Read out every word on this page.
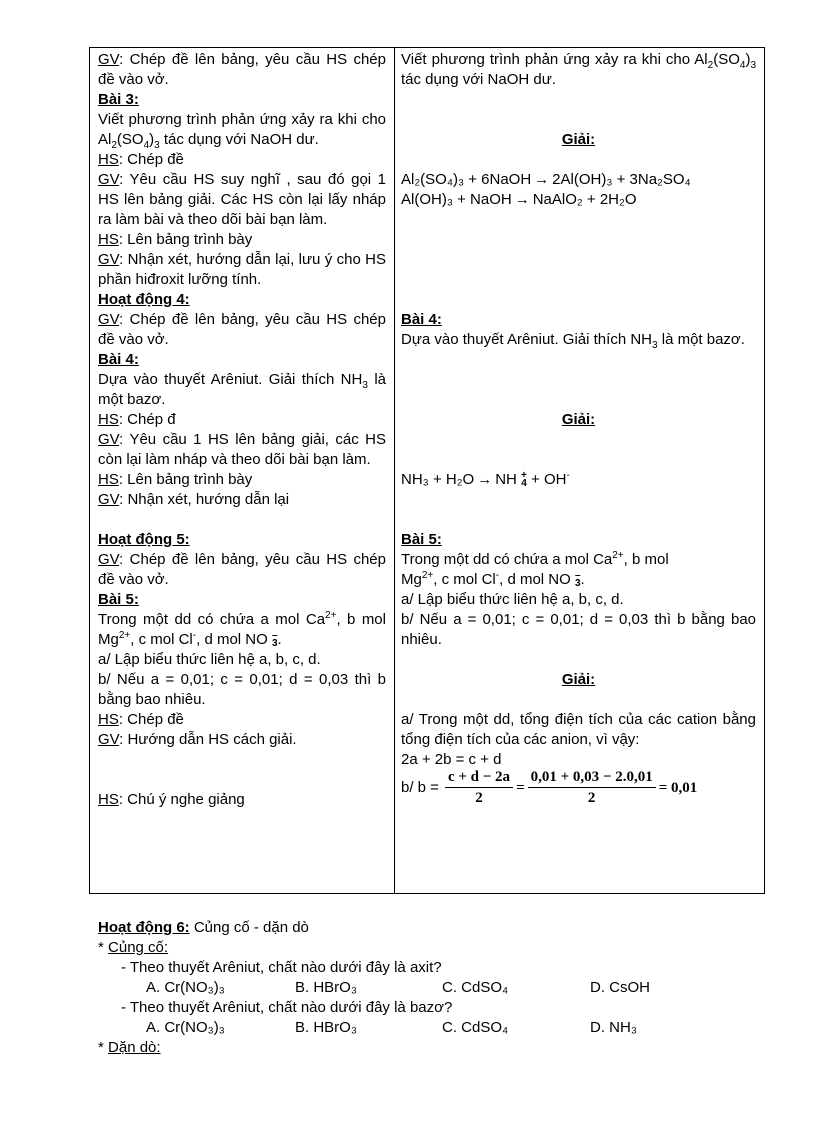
GV: Chép đề lên bảng, yêu cầu HS chép đề vào vở.

Bài 3:

Viết phương trình phản ứng xảy ra khi cho $Al_2(SO_4)_3$ tác dụng với NaOH dư.

HS: Chép đề

GV: Yêu cầu HS suy nghĩ , sau đó gọi 1 HS lên bảng giải. Các HS còn lại lấy nháp ra làm bài và theo dõi bài bạn làm.

HS: Lên bảng trình bày

GV: Nhận xét, hướng dẫn lại, lưu ý cho HS phần hiđroxit lưỡng tính.

Hoạt động 4:

GV: Chép đề lên bảng, yêu cầu HS chép đề vào vở.

Bài 4:

Dựa vào thuyết Arêniut. Giải thích $NH_3$ là một bazơ.

HS: Chép đ

GV: Yêu cầu 1 HS lên bảng giải, các HS còn lại làm nháp và theo dõi bài bạn làm.

HS: Lên bảng trình bày

GV: Nhận xét, hướng dẫn lại

Hoạt động 5:

GV: Chép đề lên bảng, yêu cầu HS chép đề vào vở.

Bài 5:

Trong một dd có chứa a mol $Ca^{2+}$, b mol $Mg^{2+}$, c mol Cl-, d mol NO –
3.

a/ Lập biểu thức liên hệ a, b, c, d.

b/ Nếu a = 0,01; c = 0,01; d = 0,03 thì b bằng bao nhiêu.

HS: Chép đề

GV: Hướng dẫn HS cách giải.

HS: Chú ý nghe giảng

Viết phương trình phản ứng xảy ra khi cho $Al_2(SO_4)_3$ tác dụng với NaOH dư.

Giải:

Al₂(SO₄)₃ + 6NaOH → 2Al(OH)₃ + 3Na₂SO₄

Al(OH)₃ + NaOH → NaAlO₂ + 2H₂O

Bài 4:

Dựa vào thuyết Arêniut. Giải thích $NH_3$ là một bazơ.

Giải:

NH₃ + H₂O → NH +
4 + OH-

Bài 5:

Trong một dd có chứa a mol $Ca^{2+}$, b mol
$Mg^{2+}$, c mol Cl-, d mol NO –
3.

a/ Lập biểu thức liên hệ a, b, c, d.

b/ Nếu a = 0,01; c = 0,01; d = 0,03 thì b bằng bao nhiêu.

Giải:

a/ Trong một dd, tổng điện tích của các cation bằng tổng điện tích của các anion, vì vậy:

2a + 2b = c + d

b/ $b = \frac{c + d - 2a}{2} = \frac{0,01 + 0,03 - 2.0,01}{2} = 0,01$

Hoạt động 6: Củng cố - dặn dò

* Củng cố:

- Theo thuyết Arêniut, chất nào dưới đây là axit?

A. Cr(NO₃)₃	B. HBrO₃	C. CdSO₄	D. CsOH

- Theo thuyết Arêniut, chất nào dưới đây là bazơ?

A. Cr(NO₃)₃	B. HBrO₃	C. CdSO₄	D. NH₃

* Dặn dò:
